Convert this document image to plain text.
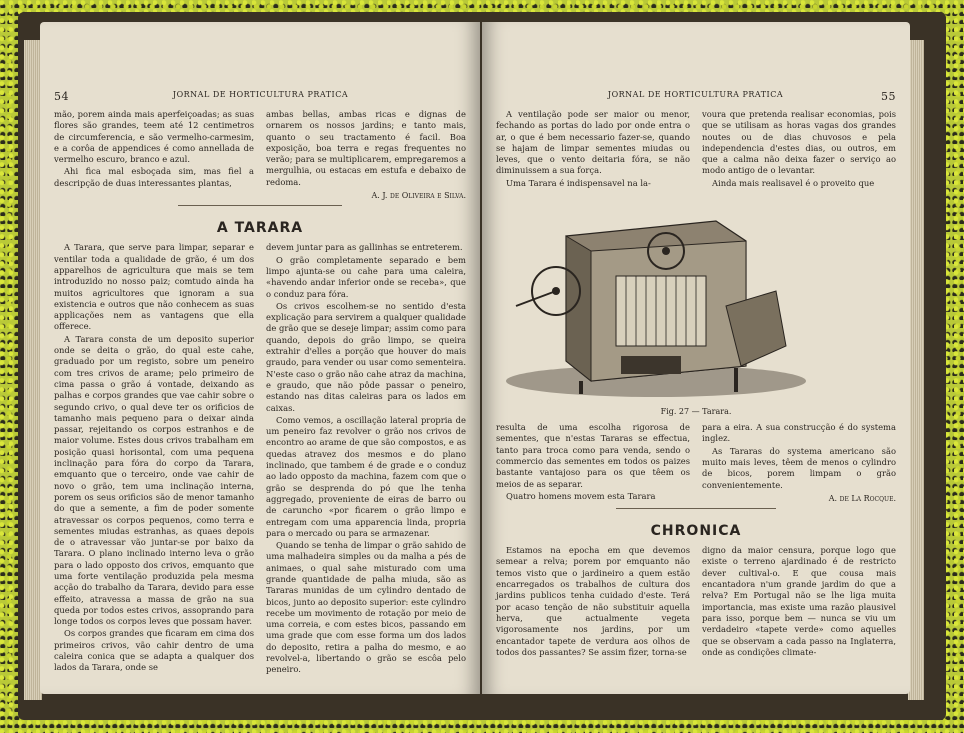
54	JORNAL DE HORTICULTURA PRATICA

mão, porem ainda mais aperfeiçoadas; as suas flores são grandes, teem até 12 centimetros de circumferencia, e são vermelho-carmesim, e a corôa de appendices é como annellada de vermelho escuro, branco e azul.

Ahi fica mal esboçada sim, mas fiel a descripção de duas interessantes plantas,

ambas bellas, ambas ricas e dignas de ornarem os nossos jardins; e tanto mais, quanto o seu tractamento é facil. Boa exposição, boa terra e regas frequentes no verão; para se multiplicarem, empregaremos a mergulhia, ou estacas em estufa e debaixo de redoma.

A. J. de Oliveira e Silva.
A TARARA

A Tarara, que serve para limpar, separar e ventilar toda a qualidade de grão, é um dos apparelhos de agricultura que mais se tem introduzido no nosso paiz; comtudo ainda ha muitos agricultores que ignoram a sua existencia e outros que não conhecem as suas applicações nem as vantagens que ella offerece.

A Tarara consta de um deposito superior onde se deita o grão, do qual este cahe, graduado por um registo, sobre um peneiro com tres crivos de arame; pelo primeiro de cima passa o grão á vontade, deixando as palhas e corpos grandes que vae cahir sobre o segundo crivo, o qual deve ter os orificios de tamanho mais pequeno para o deixar ainda passar, rejeitando os corpos estranhos e de maior volume. Estes dous crivos trabalham em posição quasi horisontal, com uma pequena inclinação para fóra do corpo da Tarara, emquanto que o terceiro, onde vae cahir de novo o grão, tem uma inclinação interna, porem os seus orificios são de menor tamanho do que a semente, a fim de poder somente atravessar os corpos pequenos, como terra e sementes miudas estranhas, as quaes depois de o atravessar vão juntar-se por baixo da Tarara. O plano inclinado interno leva o grão para o lado opposto dos crivos, emquanto que uma forte ventilação produzida pela mesma acção do trabalho da Tarara, devido para esse effeito, atravessa a massa de grão na sua queda por todos estes crivos, assoprando para longe todos os corpos leves que possam haver.

Os corpos grandes que ficaram em cima dos primeiros crivos, vão cahir dentro de uma caleira conica que se adapta a qualquer dos lados da Tarara, onde se

devem juntar para as gallinhas se entreterem.

O grão completamente separado e bem limpo ajunta-se ou cahe para uma caleira, «havendo andar inferior onde se receba», que o conduz para fóra.

Os crivos escolhem-se no sentido d'esta explicação para servirem a qualquer qualidade de grão que se deseje limpar; assim como para quando, depois do grão limpo, se queira extrahir d'elles a porção que houver do mais graudo, para vender ou usar como sementeira. N'este caso o grão não cahe atraz da machina, e graudo, que não pôde passar o peneiro, estando nas ditas caleiras para os lados em caixas.

Como vemos, a oscillação lateral propria de um peneiro faz revolver o grão nos crivos de encontro ao arame de que são compostos, e as quedas atravez dos mesmos e do plano inclinado, que tambem é de grade e o conduz ao lado opposto da machina, fazem com que o grão se desprenda do pó que lhe tenha aggregado, proveniente de eiras de barro ou de caruncho «por ficarem o grão limpo e entregam com uma apparencia linda, propria para o mercado ou para se armazenar.

Quando se tenha de limpar o grão sahido de uma malhadeira simples ou da malha a pés de animaes, o qual sahe misturado com uma grande quantidade de palha miuda, são as Tararas munidas de um cylindro dentado de bicos, junto ao deposito superior: este cylindro recebe um movimento de rotação por meio de uma correia, e com estes bicos, passando em uma grade que com esse forma um dos lados do deposito, retira a palha do mesmo, e ao revolvel-a, libertando o grão se escôa pelo peneiro.

JORNAL DE HORTICULTURA PRATICA	55

A ventilação pode ser maior ou menor, fechando as portas do lado por onde entra o ar, o que é bem necessario fazer-se, quando se hajam de limpar sementes miudas ou leves, que o vento deitaria fóra, se não diminuissem a sua força.

Uma Tarara é indispensavel na la-

voura que pretenda realisar economias, pois que se utilisam as horas vagas dos grandes noutes ou de dias chuvosos e pela independencia d'estes dias, ou outros, em que a calma não deixa fazer o serviço ao modo antigo de o levantar.

Ainda mais realisavel é o proveito que

Fig. 27 — Tarara.

resulta de uma escolha rigorosa de sementes, que n'estas Tararas se effectua, tanto para troca como para venda, sendo o commercio das sementes em todos os paizes bastante vantajoso para os que têem os meios de as separar.

Quatro homens movem esta Tarara

para a eira. A sua construcção é do systema inglez.

As Tararas do systema americano são muito mais leves, têem de menos o cylindro de bicos, porem limpam o grão convenientemente.

A. de La Rocque.
CHRONICA

Estamos na epocha em que devemos semear a relva; porem por emquanto não temos visto que o jardineiro a quem estão encarregados os trabalhos de cultura dos jardins publicos tenha cuidado d'este. Terá por acaso tenção de não substituir aquella herva, que actualmente vegeta vigorosamente nos jardins, por um encantador tapete de verdura aos olhos de todos dos passantes? Se assim fizer, torna-se

digno da maior censura, porque logo que existe o terreno ajardinado é de restricto dever cultival-o. E que cousa mais encantadora n'um grande jardim do que a relva? Em Portugal não se lhe liga muita importancia, mas existe uma razão plausivel para isso, porque bem — nunca se viu um verdadeiro «tapete verde» como aquelles que se observam a cada passo na Inglaterra, onde as condições climate-
